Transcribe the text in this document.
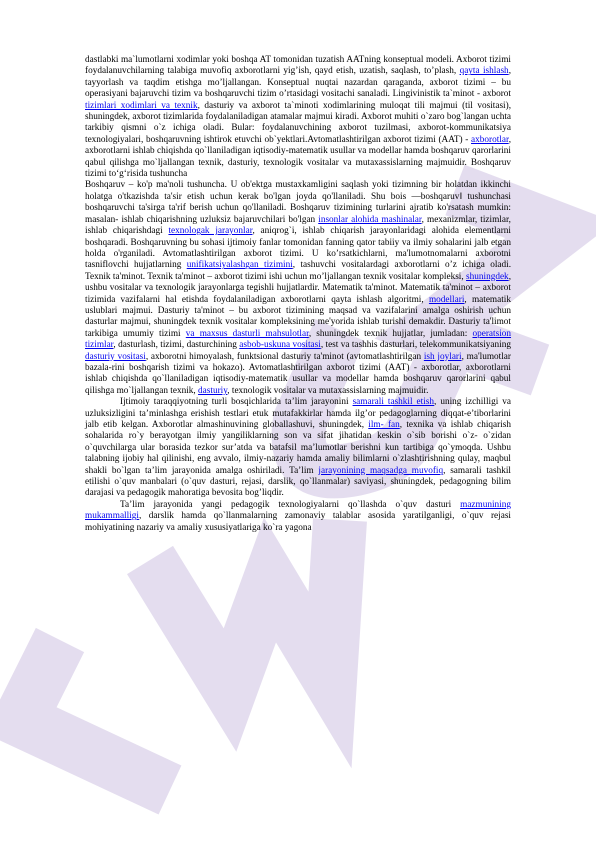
dastlabki ma`lumotlarni xodimlar yoki boshqa AT tomonidan tuzatish AATning konseptual modeli. Axborot tizimi foydalanuvchilarning talabiga muvofiq axborotlarni yig’ish, qayd etish, uzatish, saqlash, to’plash, qayta ishlash, tayyorlash va taqdim etishga mo’ljallangan. Konseptual nuqtai nazardan qaraganda, axborot tizimi – bu operasiyani bajaruvchi tizim va boshqaruvchi tizim o’rtasidagi vositachi sanaladi. Lingivinistik ta`minot - axborot tizimlari xodimlari va texnik, dasturiy va axborot ta`minoti xodimlarining muloqat tili majmui (til vositasi), shuningdek, axborot tizimlarida foydalaniladigan atamalar majmui kiradi. Axborot muhiti o`zaro bog`langan uchta tarkibiy qismni o`z ichiga oladi. Bular: foydalanuvchining axborot tuzilmasi, axborot-kommunikatsiya texnologiyalari, boshqaruvning ishtirok etuvchi ob`yektlari.Avtomatlashtirilgan axborot tizimi (AAT) - axborotlar, axborotlarni ishlab chiqishda qo`llaniladigan iqtisodiy-matematik usullar va modellar hamda boshqaruv qarorlarini qabul qilishga mo`ljallangan texnik, dasturiy, texnologik vositalar va mutaxassislarning majmuidir. Boshqaruv tizimi to‘g‘risida tushuncha

Boshqaruv – ko'p ma'noli tushuncha. U ob'ektga mustaxkamligini saqlash yoki tizimning bir holatdan ikkinchi holatga o'tkazishda ta'sir etish uchun kerak bo'lgan joyda qo'llaniladi. Shu bois —boshqaruv‖ tushunchasi boshqaruvchi ta'sirga ta'rif berish uchun qo'llaniladi. Boshqaruv tizimining turlarini ajratib ko'rsatash mumkin: masalan- ishlab chiqarishning uzluksiz bajaruvchilari bo'lgan insonlar alohida mashinalar, mexanizmlar, tizimlar, ishlab chiqarishdagi texnologak jarayonlar, aniqrog`i, ishlab chiqarish jarayonlaridagi alohida elementlarni boshqaradi. Boshqaruvning bu sohasi ijtimoiy fanlar tomonidan fanning qator tabiiy va ilmiy sohalarini jalb etgan holda o'rganiladi. Avtomatlashtirilgan axborot tizimi. U ko’rsatkichlarni, ma'lumotnomalarni axborotni tasniflovchi hujjatlarning unifikatsiyalashgan tizimini, tashuvchi vositalardagi axborotlarni o’z ichiga oladi. Texnik ta'minot. Texnik ta'minot – axborot tizimi ishi uchun mo’ljallangan texnik vositalar kompleksi, shuningdek, ushbu vositalar va texnologik jarayonlarga tegishli hujjatlardir. Matematik ta'minot. Matematik ta'minot – axborot tizimida vazifalarni hal etishda foydalaniladigan axborotlarni qayta ishlash algoritmi, modellari, matematik uslublari majmui. Dasturiy ta'minot – bu axborot tizimining maqsad va vazifalarini amalga oshirish uchun dasturlar majmui, shuningdek texnik vositalar kompleksining me'yorida ishlab turishi demakdir. Dasturiy ta'limot tarkibiga umumiy tizimi va maxsus dasturli mahsulotlar, shuningdek texnik hujjatlar, jumladan: operatsion tizimlar, dasturlash, tizimi, dasturchining asbob-uskuna vositasi, test va tashhis dasturlari, telekommunikatsiyaning dasturiy vositasi, axborotni himoyalash, funktsional dasturiy ta'minot (avtomatlashtirilgan ish joylari, ma'lumotlar bazala-rini boshqarish tizimi va hokazo). Avtomatlashtirilgan axborot tizimi (AAT) - axborotlar, axborotlarni ishlab chiqishda qo`llaniladigan iqtisodiy-matematik usullar va modellar hamda boshqaruv qarorlarini qabul qilishga mo`ljallangan texnik, dasturiy, texnologik vositalar va mutaxassislarning majmuidir.

Ijtimoiy taraqqiyotning turli bosqichlarida ta’lim jarayonini samarali tashkil etish, uning izchilligi va uzluksizligini ta’minlashga erishish testlari etuk mutafakkirlar hamda ilg’or pedagoglarning diqqat-e’tiborlarini jalb etib kelgan. Axborotlar almashinuvining globallashuvi, shuningdek, ilm- fan, texnika va ishlab chiqarish sohalarida ro`y berayotgan ilmiy yangiliklarning son va sifat jihatidan keskin o`sib borishi o`z- o`zidan o`quvchilarga ular borasida tezkor sur’atda va batafsil ma’lumotlar berishni kun tartibiga qo`ymoqda. Ushbu talabning ijobiy hal qilinishi, eng avvalo, ilmiy-nazariy hamda amaliy bilimlarni o`zlashtirishning qulay, maqbul shakli bo`lgan ta’lim jarayonida amalga oshiriladi. Ta’lim jarayonining maqsadga muvofiq, samarali tashkil etilishi o`quv manbalari (o`quv dasturi, rejasi, darslik, qo`llanmalar) saviyasi, shuningdek, pedagogning bilim darajasi va pedagogik mahoratiga bevosita bog’liqdir.

Ta’lim jarayonida yangi pedagogik texnologiyalarni qo`llashda o`quv dasturi mazmunining mukammalligi, darslik hamda qo`llanmalarning zamonaviy talablar asosida yaratilganligi, o`quv rejasi mohiyatining nazariy va amaliy xususiyatlariga ko`ra yagona
